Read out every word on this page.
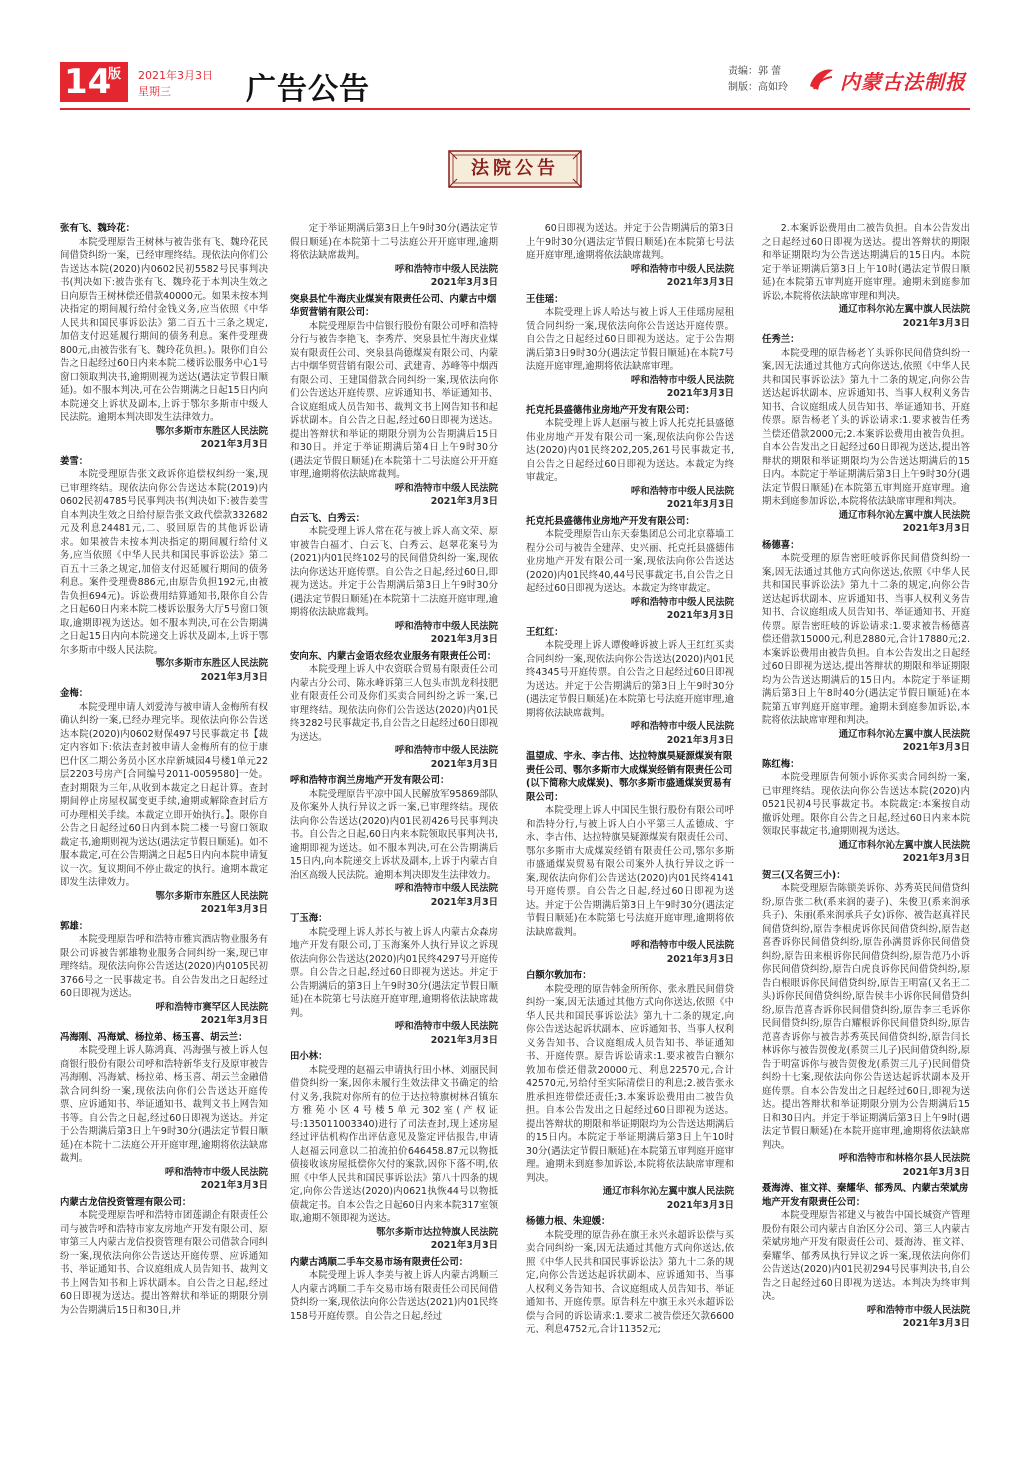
14
版 2021年3月3日
星期三	广告公告
责编：郭 蕾
制版：高如玲	内蒙古法制报
法院公告

张有飞、魏玲花：

本院受理原告王树林与被告张有飞、魏玲花民间借贷纠纷一案，已经审理终结。现依法向你们公告送达本院(2020)内0602民初5582号民事判决书(判决如下:被告张有飞、魏玲花于本判决生效之日向原告王树林偿还借款40000元。如果未按本判决指定的期间履行给付金钱义务,应当依照《中华人民共和国民事诉讼法》第二百五十三条之规定,加倍支付迟延履行期间的债务利息。案件受理费800元,由被告张有飞、魏玲花负担。)。限你们自公告之日起经过60日内来本院二楼诉讼服务中心1号窗口领取判决书,逾期则视为送达(遇法定节假日顺延)。如不服本判决,可在公告期满之日起15日内向本院递交上诉状及副本,上诉于鄂尔多斯市中级人民法院。逾期本判决即发生法律效力。

鄂尔多斯市东胜区人民法院

2021年3月3日

姜雪：

本院受理原告张文政诉你追偿权纠纷一案,现已审理终结。现依法向你公告送达本院(2019)内0602民初4785号民事判决书(判决如下:被告姜雪自本判决生效之日给付原告张文政代偿款332682元及利息24481元,二、驳回原告的其他诉讼请求。如果被告未按本判决指定的期间履行给付义务,应当依照《中华人民共和国民事诉讼法》第二百五十三条之规定,加倍支付迟延履行期间的债务利息。案件受理费886元,由原告负担192元,由被告负担694元)。诉讼费用结算通知书,限你自公告之日起60日内来本院二楼诉讼服务大厅5号窗口领取,逾期即视为送达。如不服本判决,可在公告期满之日起15日内向本院递交上诉状及副本,上诉于鄂尔多斯市中级人民法院。

鄂尔多斯市东胜区人民法院

2021年3月3日

金梅：

本院受理申请人刘爱涛与被申请人金梅所有权确认纠纷一案,已经办理完毕。现依法向你公告送达本院(2020)内0602财保497号民事裁定书【裁定内容如下:依法查封被申请人金梅所有的位于康巴什区二期公务员小区水岸新城园4号楼1单元22层2203号房产[合同编号2011-0059580]一处。查封期限为三年,从收到本裁定之日起计算。查封期间停止房屋权属变更手续,逾期或解除查封后方可办理相关手续。本裁定立即开始执行。】。限你自公告之日起经过60日内到本院二楼一号窗口领取裁定书,逾期则视为送达(遇法定节假日顺延)。如不服本裁定,可在公告期满之日起5日内向本院申请复议一次。复议期间不停止裁定的执行。逾期本裁定即发生法律效力。

鄂尔多斯市东胜区人民法院

2021年3月3日

郭雄：

本院受理原告呼和浩特市雅宾酒店物业服务有限公司诉被告郭雄物业服务合同纠纷一案,现已审理终结。现依法向你公告送达(2020)内0105民初3766号之一民事裁定书。自公告发出之日起经过60日即视为送达。

呼和浩特市赛罕区人民法院

2021年3月3日

冯海刚、冯海斌、杨拉弟、杨玉喜、胡云兰：

本院受理上诉人陈鸿真、冯海强与被上诉人包商银行股份有限公司呼和浩特新华支行及原审被告冯海刚、冯海斌、杨拉弟、杨玉喜、胡云兰金融借款合同纠纷一案,现依法向你们公告送达开庭传票、应诉通知书、举证通知书、裁判文书上网告知书等。自公告之日起,经过60日即视为送达。并定于公告期满后第3日上午9时30分(遇法定节假日顺延)在本院十二法庭公开开庭审理,逾期将依法缺席裁判。

呼和浩特市中级人民法院

2021年3月3日

内蒙古龙信投资管理有限公司：

本院受理原告呼和浩特市团莲湖企有限责任公司与被告呼和浩特市家友房地产开发有限公司、原审第三人内蒙古龙信投资管理有限公司借款合同纠纷一案,现依法向你公告送达开庭传票、应诉通知书、举证通知书、合议庭组成人员告知书、裁判文书上网告知书和上诉状副本。自公告之日起,经过60日即视为送达。提出答辩状和举证的期限分别为公告期满后15日和30日,并

定于举证期满后第3日上午9时30分(遇法定节假日顺延)在本院第十二号法庭公开开庭审理,逾期将依法缺席裁判。

呼和浩特市中级人民法院

2021年3月3日

突泉县忙牛海庆业煤炭有限责任公司、内蒙古中烟华贸营销有限公司：

本院受理原告中信银行股份有限公司呼和浩特分行与被告李艳飞、李秀芹、突泉县忙牛海庆业煤炭有限责任公司、突泉县尚德煤炭有限公司、内蒙古中烟华贸营销有限公司、武建青、苏峰等中烟西有限公司、王建国借款合同纠纷一案,现依法向你们公告送达开庭传票、应诉通知书、举证通知书、合议庭组成人员告知书、裁判文书上网告知书和起诉状副本。自公告之日起,经过60日即视为送达。提出答辩状和举证的期限分别为公告期满后15日和30日。并定于举证期满后第4日上午9时30分(遇法定节假日顺延)在本院第十二号法庭公开开庭审理,逾期将依法缺席裁判。

呼和浩特市中级人民法院

2021年3月3日

白云飞、白秀云：

本院受理上诉人常在花与被上诉人高文荣、原审被告白福才、白云飞、白秀云、赵翠花案号为(2021)内01民终102号的民间借贷纠纷一案,现依法向你送达开庭传票。自公告之日起,经过60日,即视为送达。并定于公告期满后第3日上午9时30分(遇法定节假日顺延)在本院第十二法庭开庭审理,逾期将依法缺席裁判。

呼和浩特市中级人民法院

2021年3月3日

安向东、内蒙古金语农经农业服务有限责任公司：

本院受理上诉人中农资联合贸易有限责任公司内蒙古分公司、陈永峰诉第三人包头市凯龙科技肥业有限责任公司及你们买卖合同纠纷之诉一案,已审理终结。现依法向你们公告送达(2020)内01民终3282号民事裁定书,自公告之日起经过60日即视为送达。

呼和浩特市中级人民法院

2021年3月3日

呼和浩特市润兰房地产开发有限公司：

本院受理原告平凉中国人民解放军95869部队及你案外人执行异议之诉一案,已审理终结。现依法向你公告送达(2020)内01民初426号民事判决书。自公告之日起,60日内来本院领取民事判决书,逾期即视为送达。如不服本判决,可在公告期满后15日内,向本院递交上诉状及副本,上诉于内蒙古自治区高级人民法院。逾期本判决即发生法律效力。

呼和浩特市中级人民法院

2021年3月3日

丁玉海：

本院受理上诉人苏长与被上诉人内蒙古众森房地产开发有限公司,丁玉海案外人执行异议之诉现依法向你公告送达(2020)内01民终4297号开庭传票。自公告之日起,经过60日即视为送达。并定于公告期满后的第3日上午9时30分(遇法定节假日顺延)在本院第七号法庭开庭审理,逾期将依法缺席裁判。

呼和浩特市中级人民法院

2021年3月3日

田小林：

本院受理的赵福云申请执行田小林、刘丽民间借贷纠纷一案,因你未履行生效法律文书确定的给付义务,我院对你所有的位于达拉特旗树林召镇东方雅苑小区4号楼5单元302室(产权证号:135011003340)进行了司法查封,现上述房屋经过评估机构作出评估意见及鉴定评估报告,申请人赵福云同意以二拍流拍价646458.87元以物抵债接收该房屋抵偿你欠付的案款,因你下落不明,依照《中华人民共和国民事诉讼法》第八十四条的规定,向你公告送达(2020)内0621执恢44号以物抵债裁定书。自本公告之日起60日内来本院317室领取,逾期不领即视为送达。

鄂尔多斯市达拉特旗人民法院

2021年3月3日

内蒙古鸿顺二手车交易市场有限责任公司：

本院受理上诉人李美与被上诉人内蒙古鸿顺三人内蒙古鸿顺二手车交易市场有限责任公司民间借贷纠纷一案,现依法向你公告送达(2021)内01民终158号开庭传票。自公告之日起,经过

60日即视为送达。并定于公告期满后的第3日上午9时30分(遇法定节假日顺延)在本院第七号法庭开庭审理,逾期将依法缺席裁判。

呼和浩特市中级人民法院

2021年3月3日

王佳瑶：

本院受理上诉人哈达与被上诉人王佳瑶房屋租赁合同纠纷一案,现依法向你公告送达开庭传票。自公告之日起经过60日即视为送达。定于公告期满后第3日9时30分(遇法定节假日顺延)在本院7号法庭开庭审理,逾期将依法缺席审理。

呼和浩特市中级人民法院

2021年3月3日

托克托县盛德伟业房地产开发有限公司：

本院受理上诉人赵丽与被上诉人托克托县盛德伟业房地产开发有限公司一案,现依法向你公告送达(2020)内01民终202,205,261号民事裁定书,自公告之日起经过60日即视为送达。本裁定为终审裁定。

呼和浩特市中级人民法院

2021年3月3日

托克托县盛德伟业房地产开发有限公司：

本院受理原告山东天泰集团总公司北京幕墙工程分公司与被告全建萍、史兴丽、托克托县盛德伟业房地产开发有限公司一案,现依法向你公告送达(2020)内01民终40,44号民事裁定书,自公告之日起经过60日即视为送达。本裁定为终审裁定。

呼和浩特市中级人民法院

2021年3月3日

王红红：

本院受理上诉人谭俊峰诉被上诉人王红红买卖合同纠纷一案,现依法向你公告送达(2020)内01民终4345号开庭传票。自公告之日起经过60日即视为送达。并定于公告期满后的第3日上午9时30分(遇法定节假日顺延)在本院第七号法庭开庭审理,逾期将依法缺席裁判。

呼和浩特市中级人民法院

2021年3月3日

温望成、宇永、李古伟、达拉特旗昊疑源煤炭有限责任公司、鄂尔多斯市大成煤炭经销有限责任公司(以下简称大成煤炭)、鄂尔多斯市盛通煤炭贸易有限公司：

本院受理上诉人中国民生银行股份有限公司呼和浩特分行,与被上诉人白小平第三人孟德成、宇永、李古伟、达拉特旗昊疑源煤炭有限责任公司、鄂尔多斯市大成煤炭经销有限责任公司,鄂尔多斯市盛通煤炭贸易有限公司案外人执行异议之诉一案,现依法向你们公告送达(2020)内01民终4141号开庭传票。自公告之日起,经过60日即视为送达。并定于公告期满后第3日上午9时30分(遇法定节假日顺延)在本院第七号法庭开庭审理,逾期将依法缺席裁判。

呼和浩特市中级人民法院

2021年3月3日

白额尔敦加布：

本院受理的原告韩金所所你、张永胜民间借贷纠纷一案,因无法通过其他方式向你送达,依照《中华人民共和国民事诉讼法》第九十二条的规定,向你公告送达起诉状副本、应诉通知书、当事人权利义务告知书、合议庭组成人员告知书、举证通知书、开庭传票。原告诉讼请求:1.要求被告白额尔敦加布偿还借款20000元、利息22570元,合计42570元,另给付至实际清偿日的利息;2.被告张永胜承担连带偿还责任;3.本案诉讼费用由二被告负担。自本公告发出之日起经过60日即视为送达。提出答辩状的期限和举证期限均为公告送达期满后的15日内。本院定于举证期满后第3日上午10时30分(遇法定节假日顺延)在本院第五审判庭开庭审理。逾期未到庭参加诉讼,本院将依法缺席审理和判决。

通辽市科尔沁左翼中旗人民法院

2021年3月3日

杨德力根、朱迎媛：

本院受理的原告孙在旗王永兴永超诉讼偿与买卖合同纠纷一案,因无法通过其他方式向你送达,依照《中华人民共和国民事诉讼法》第九十二条的规定,向你公告送达起诉状副本、应诉通知书、当事人权利义务告知书、合议庭组成人员告知书、举证通知书、开庭传票。原告科左中旗王永兴永超诉讼偿与合同的诉讼请求:1.要求二被告偿还欠款6600元、利息4752元,合计11352元;

2.本案诉讼费用由二被告负担。自本公告发出之日起经过60日即视为送达。提出答辩状的期限和举证期限均为公告送达期满后的15日内。本院定于举证期满后第3日上午10时(遇法定节假日顺延)在本院第五审判庭开庭审理。逾期未到庭参加诉讼,本院将依法缺席审理和判决。

通辽市科尔沁左翼中旗人民法院

2021年3月3日

任秀兰：

本院受理的原告杨老丫头诉你民间借贷纠纷一案,因无法通过其他方式向你送达,依照《中华人民共和国民事诉讼法》第九十二条的规定,向你公告送达起诉状副本、应诉通知书、当事人权利义务告知书、合议庭组成人员告知书、举证通知书、开庭传票。原告杨老丫头的诉讼请求:1.要求被告任秀兰偿还借款2000元;2.本案诉讼费用由被告负担。自本公告发出之日起经过60日即视为送达,提出答辩状的期限和举证期限均为公告送达期满后的15日内。本院定于举证期满后第3日上午9时30分(遇法定节假日顺延)在本院第五审判庭开庭审理。逾期未到庭参加诉讼,本院将依法缺席审理和判决。

通辽市科尔沁左翼中旗人民法院

2021年3月3日

杨德喜：

本院受理的原告密旺岐诉你民间借贷纠纷一案,因无法通过其他方式向你送达,依照《中华人民共和国民事诉讼法》第九十二条的规定,向你公告送达起诉状副本、应诉通知书、当事人权利义务告知书、合议庭组成人员告知书、举证通知书、开庭传票。原告密旺岐的诉讼请求:1.要求被告杨德喜偿还借款15000元,利息2880元,合计17880元;2.本案诉讼费用由被告负担。自本公告发出之日起经过60日即视为送达,提出答辩状的期限和举证期限均为公告送达期满后的15日内。本院定于举证期满后第3日上午8时40分(遇法定节假日顺延)在本院第五审判庭开庭审理。逾期未到庭参加诉讼,本院将依法缺席审理和判决。

通辽市科尔沁左翼中旗人民法院

2021年3月3日

陈红梅：

本院受理原告何领小诉你买卖合同纠纷一案,已审理终结。现依法向你公告送达本院(2020)内0521民初4号民事裁定书。本院裁定:本案按自动撤诉处理。限你自公告之日起,经过60日内来本院领取民事裁定书,逾期则视为送达。

通辽市科尔沁左翼中旗人民法院

2021年3月3日

贺三(又名贺三小)：

本院受理原告陈锁美诉你、苏秀英民间借贷纠纷,原告张二秋(系来润的妻子)、朱俊卫(系来润承兵子)、朱丽(系来润承兵子女)诉你、被告赵真祥民间借贷纠纷,原告李根虎诉你民间借贷纠纷,原告赵喜香诉你民间借贷纠纷,原告孙满贯诉你民间借贷纠纷,原告田来根诉你民间借贷纠纷,原告范乃小诉你民间借贷纠纷,原告白虎良诉你民间借贷纠纷,原告白根眼诉你民间借贷纠纷,原告王明富(又名王二头)诉你民间借贷纠纷,原告侯丰小诉你民间借贷纠纷,原告范喜杏诉你民间借贷纠纷,原告李三毛诉你民间借贷纠纷,原告白耀根诉你民间借贷纠纷,原告范喜杏诉你与被告苏秀英民间借贷纠纷,原告闫长林诉你与被告贺俊龙(系贺三儿子)民间借贷纠纷,原告于明富诉你与被告贺俊龙(系贺三儿子)民间借贷纠纷十七案,现依法向你公告送达起诉状副本及开庭传票。自本公告发出之日起经过60日,即视为送达。提出答辩状和举证期限分别为公告期满后15日和30日内。并定于举证期满后第3日上午9时(遇法定节假日顺延)在本院开庭审理,逾期将依法缺席判决。

呼和浩特市和林格尔县人民法院

2021年3月3日

聂海涛、崔文祥、秦耀华、郁秀凤、内蒙古荣斌房地产开发有限责任公司：

本院受理原告祁建义与被告中国长城资产管理股份有限公司内蒙古自治区分公司、第三人内蒙古荣斌房地产开发有限责任公司、聂海涛、崔文祥、秦耀华、郁秀凤执行异议之诉一案,现依法向你们公告送达(2020)内01民初294号民事判决书,自公告之日起经过60日即视为送达。本判决为终审判决。

呼和浩特市中级人民法院

2021年3月3日
